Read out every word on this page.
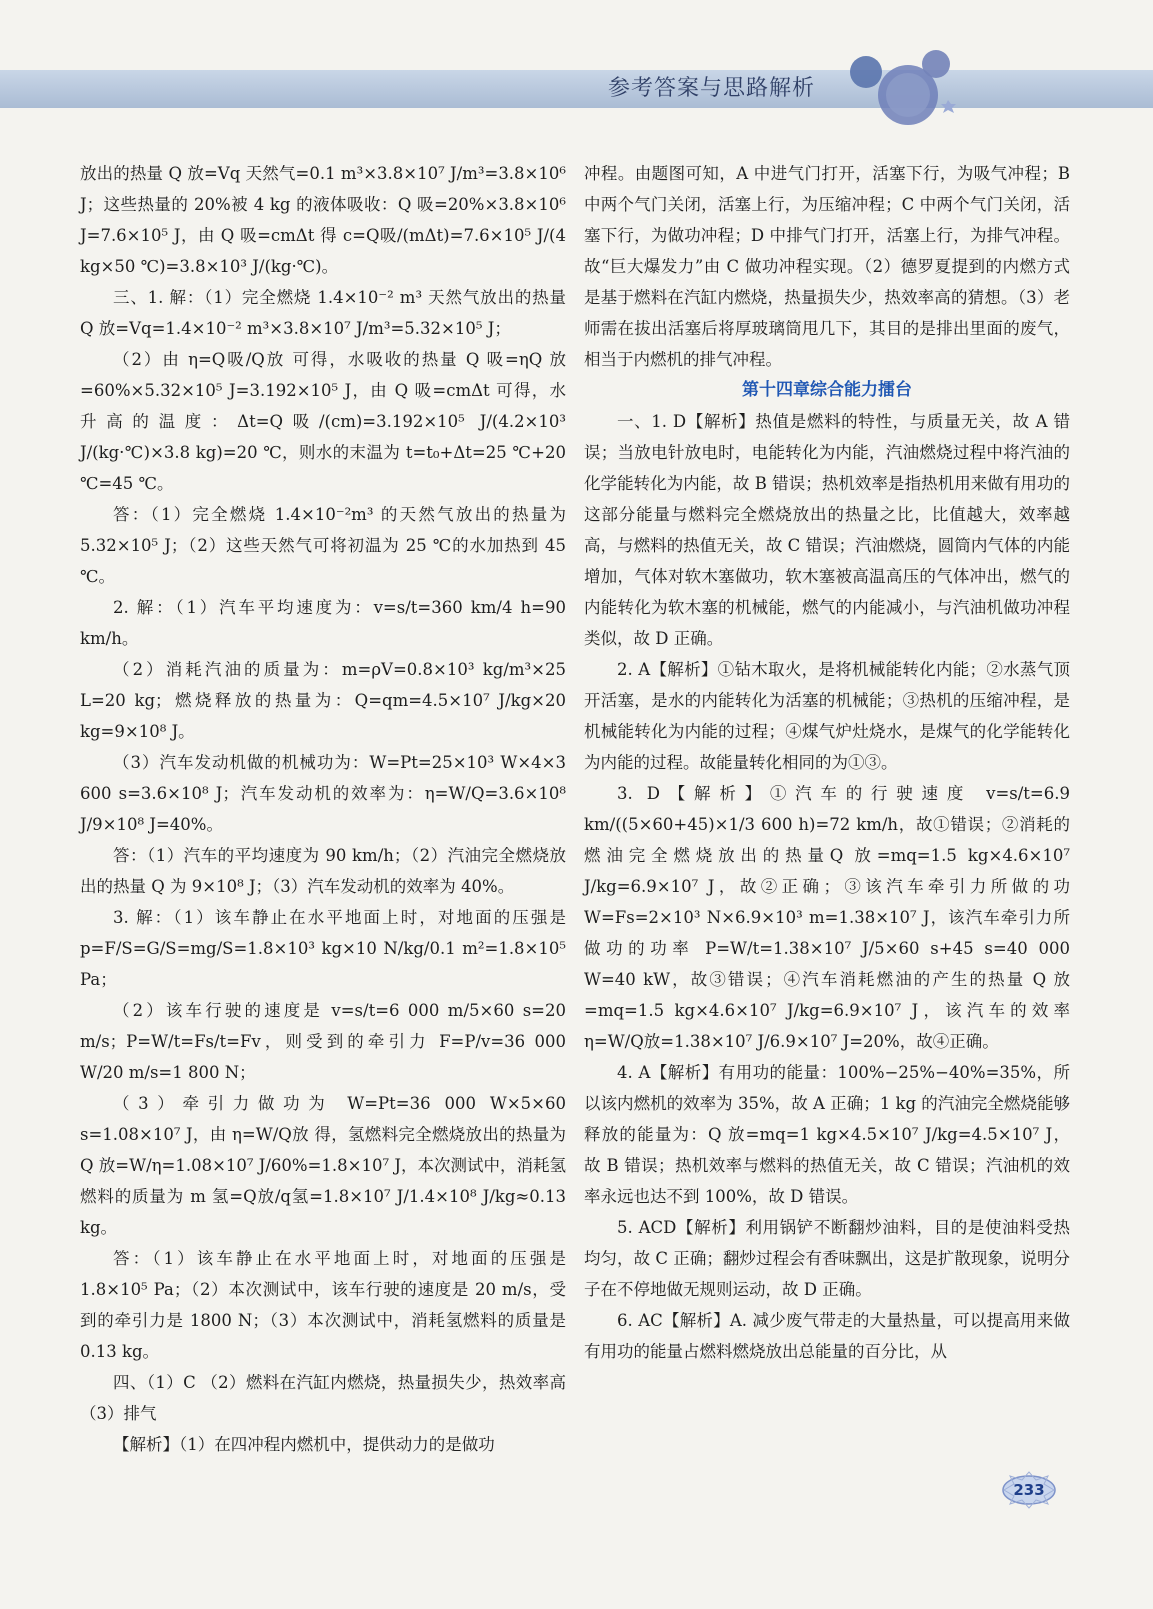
参考答案与思路解析

放出的热量 Q 放=Vq 天然气=0.1 m³×3.8×10⁷ J/m³=3.8×10⁶ J；这些热量的 20%被 4 kg 的液体吸收：Q 吸=20%×3.8×10⁶ J=7.6×10⁵ J，由 Q 吸=cmΔt 得 c=Q吸/(mΔt)=7.6×10⁵ J/(4 kg×50 ℃)=3.8×10³ J/(kg·℃)。

三、1. 解：（1）完全燃烧 1.4×10⁻² m³ 天然气放出的热量 Q 放=Vq=1.4×10⁻² m³×3.8×10⁷ J/m³=5.32×10⁵ J；

（2）由 η=Q吸/Q放 可得，水吸收的热量 Q 吸=ηQ 放=60%×5.32×10⁵ J=3.192×10⁵ J，由 Q 吸=cmΔt 可得，水升高的温度：Δt=Q吸/(cm)=3.192×10⁵ J/(4.2×10³ J/(kg·℃)×3.8 kg)=20 ℃，则水的末温为 t=t₀+Δt=25 ℃+20 ℃=45 ℃。

答：（1）完全燃烧 1.4×10⁻²m³ 的天然气放出的热量为 5.32×10⁵ J；（2）这些天然气可将初温为 25 ℃的水加热到 45 ℃。

2. 解：（1）汽车平均速度为：v=s/t=360 km/4 h=90 km/h。

（2）消耗汽油的质量为：m=ρV=0.8×10³ kg/m³×25 L=20 kg；燃烧释放的热量为：Q=qm=4.5×10⁷ J/kg×20 kg=9×10⁸ J。

（3）汽车发动机做的机械功为：W=Pt=25×10³ W×4×3 600 s=3.6×10⁸ J；汽车发动机的效率为：η=W/Q=3.6×10⁸ J/9×10⁸ J=40%。

答：（1）汽车的平均速度为 90 km/h；（2）汽油完全燃烧放出的热量 Q 为 9×10⁸ J；（3）汽车发动机的效率为 40%。

3. 解：（1）该车静止在水平地面上时，对地面的压强是 p=F/S=G/S=mg/S=1.8×10³ kg×10 N/kg/0.1 m²=1.8×10⁵ Pa；

（2）该车行驶的速度是 v=s/t=6 000 m/5×60 s=20 m/s；P=W/t=Fs/t=Fv，则受到的牵引力 F=P/v=36 000 W/20 m/s=1 800 N；

（3）牵引力做功为 W=Pt=36 000 W×5×60 s=1.08×10⁷ J，由 η=W/Q放 得，氢燃料完全燃烧放出的热量为 Q 放=W/η=1.08×10⁷ J/60%=1.8×10⁷ J，本次测试中，消耗氢燃料的质量为 m 氢=Q放/q氢=1.8×10⁷ J/1.4×10⁸ J/kg≈0.13 kg。

答：（1）该车静止在水平地面上时，对地面的压强是 1.8×10⁵ Pa；（2）本次测试中，该车行驶的速度是 20 m/s，受到的牵引力是 1800 N；（3）本次测试中，消耗氢燃料的质量是 0.13 kg。

四、（1）C （2）燃料在汽缸内燃烧，热量损失少，热效率高 （3）排气

【解析】（1）在四冲程内燃机中，提供动力的是做功

冲程。由题图可知，A 中进气门打开，活塞下行，为吸气冲程；B 中两个气门关闭，活塞上行，为压缩冲程；C 中两个气门关闭，活塞下行，为做功冲程；D 中排气门打开，活塞上行，为排气冲程。故“巨大爆发力”由 C 做功冲程实现。（2）德罗夏提到的内燃方式是基于燃料在汽缸内燃烧，热量损失少，热效率高的猜想。（3）老师需在拔出活塞后将厚玻璃筒甩几下，其目的是排出里面的废气，相当于内燃机的排气冲程。

第十四章综合能力擂台

一、1. D【解析】热值是燃料的特性，与质量无关，故 A 错误；当放电针放电时，电能转化为内能，汽油燃烧过程中将汽油的化学能转化为内能，故 B 错误；热机效率是指热机用来做有用功的这部分能量与燃料完全燃烧放出的热量之比，比值越大，效率越高，与燃料的热值无关，故 C 错误；汽油燃烧，圆筒内气体的内能增加，气体对软木塞做功，软木塞被高温高压的气体冲出，燃气的内能转化为软木塞的机械能，燃气的内能减小，与汽油机做功冲程类似，故 D 正确。

2. A【解析】①钻木取火，是将机械能转化内能；②水蒸气顶开活塞，是水的内能转化为活塞的机械能；③热机的压缩冲程，是机械能转化为内能的过程；④煤气炉灶烧水，是煤气的化学能转化为内能的过程。故能量转化相同的为①③。

3. D【解析】①汽车的行驶速度 v=s/t=6.9 km/((5×60+45)×1/3 600 h)=72 km/h，故①错误；②消耗的燃油完全燃烧放出的热量Q 放=mq=1.5 kg×4.6×10⁷ J/kg=6.9×10⁷ J，故②正确；③该汽车牵引力所做的功 W=Fs=2×10³ N×6.9×10³ m=1.38×10⁷ J，该汽车牵引力所做功的功率 P=W/t=1.38×10⁷ J/5×60 s+45 s=40 000 W=40 kW，故③错误；④汽车消耗燃油的产生的热量 Q 放=mq=1.5 kg×4.6×10⁷ J/kg=6.9×10⁷ J，该汽车的效率 η=W/Q放=1.38×10⁷ J/6.9×10⁷ J=20%，故④正确。

4. A【解析】有用功的能量：100%−25%−40%=35%，所以该内燃机的效率为 35%，故 A 正确；1 kg 的汽油完全燃烧能够释放的能量为：Q 放=mq=1 kg×4.5×10⁷ J/kg=4.5×10⁷ J，故 B 错误；热机效率与燃料的热值无关，故 C 错误；汽油机的效率永远也达不到 100%，故 D 错误。

5. ACD【解析】利用锅铲不断翻炒油料，目的是使油料受热均匀，故 C 正确；翻炒过程会有香味飘出，这是扩散现象，说明分子在不停地做无规则运动，故 D 正确。

6. AC【解析】A. 减少废气带走的大量热量，可以提高用来做有用功的能量占燃料燃烧放出总能量的百分比，从

233
